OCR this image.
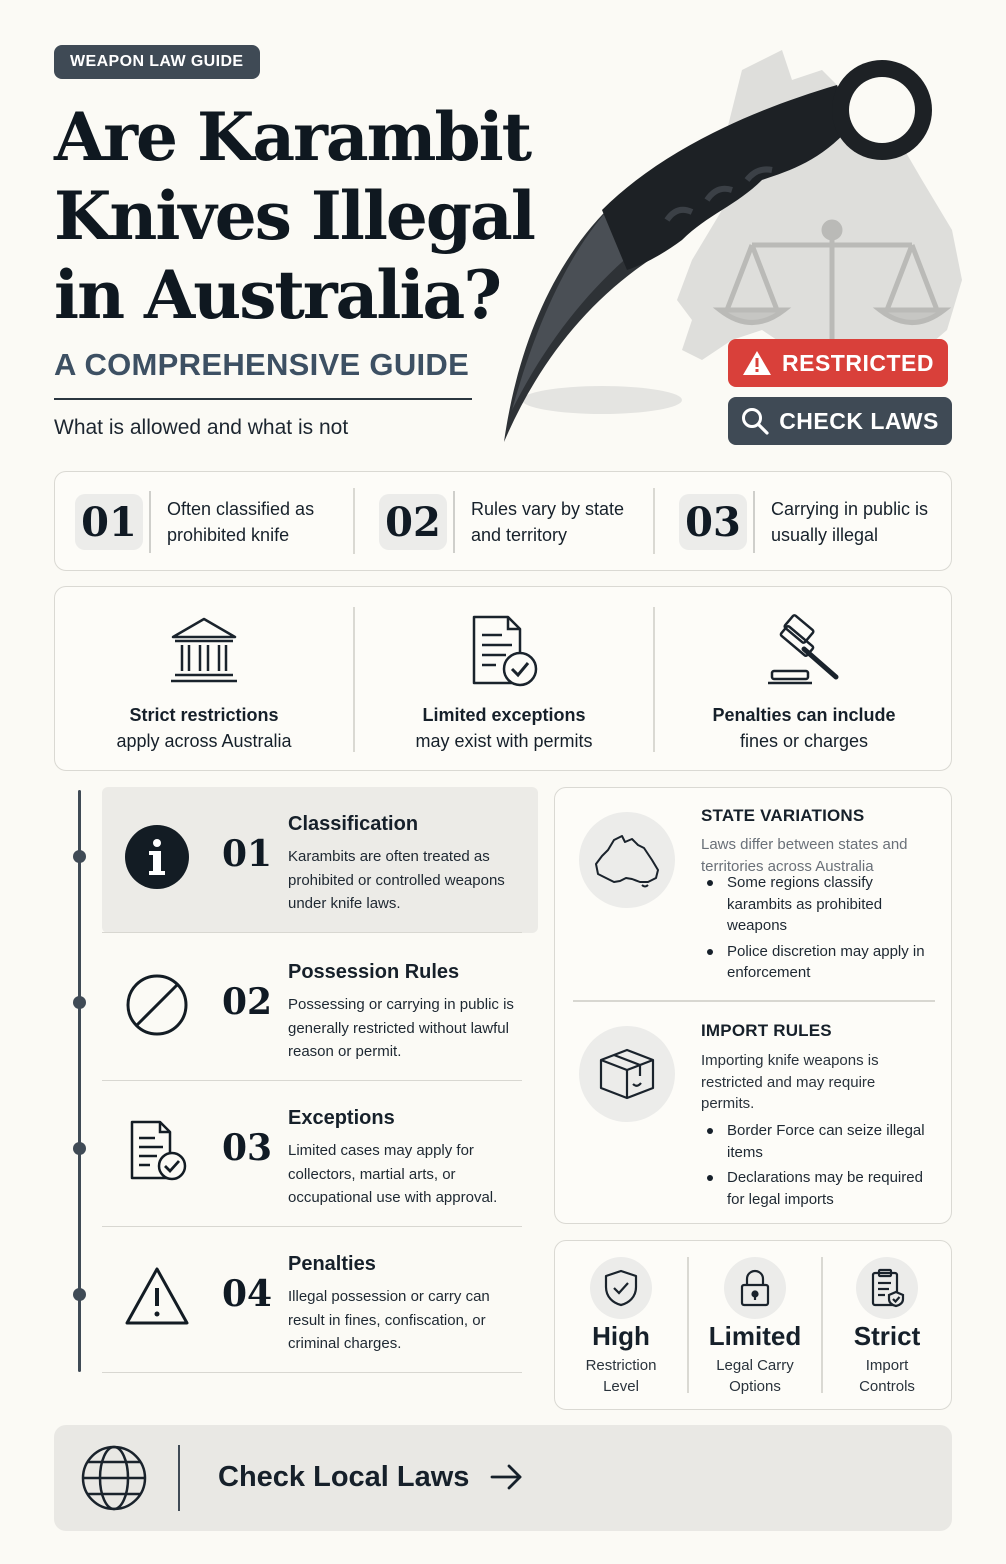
WEAPON LAW GUIDE
Are Karambit
Knives Illegal
in Australia?
A COMPREHENSIVE GUIDE
What is allowed and what is not
RESTRICTED
CHECK LAWS
01	Often classified as prohibited knife	02	Rules vary by state and territory	03	Carrying in public is usually illegal
Strict restrictions
apply across Australia
Limited exceptions
may exist with permits
Penalties can include
fines or charges
01
Classification
Karambits are often treated as prohibited or controlled weapons under knife laws.
02
Possession Rules
Possessing or carrying in public is generally restricted without lawful reason or permit.
03
Exceptions
Limited cases may apply for collectors, martial arts, or occupational use with approval.
04
Penalties
Illegal possession or carry can result in fines, confiscation, or criminal charges.
STATE VARIATIONS
Laws differ between states and territories across Australia
Some regions classify karambits as prohibited weapons
Police discretion may apply in enforcement
IMPORT RULES
Importing knife weapons is restricted and may require permits.
Border Force can seize illegal items
Declarations may be required for legal imports
High
Restriction
Level
Limited
Legal Carry
Options
Strict
Import
Controls
Check Local Laws
